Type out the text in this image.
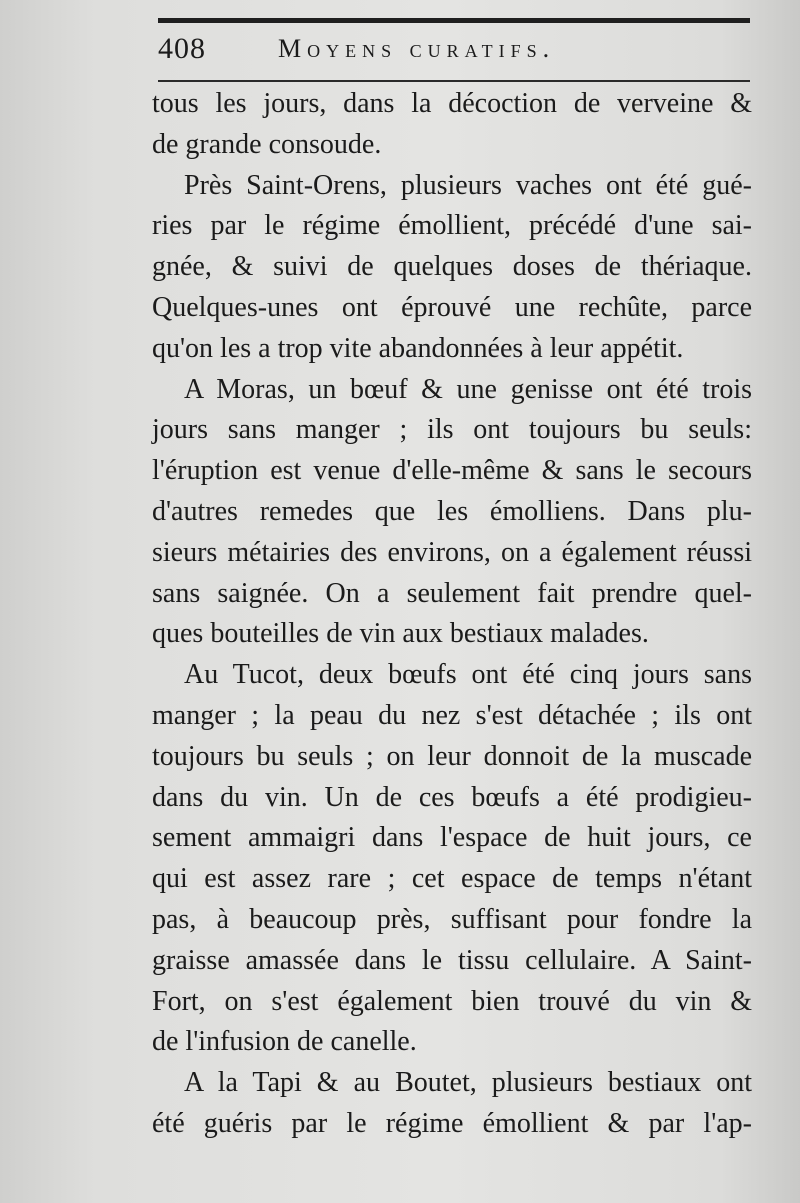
408	Moyens curatifs.
tous les jours, dans la décoction de verveine &
de grande consoude.
Près Saint-Orens, plusieurs vaches ont été gué-
ries par le régime émollient, précédé d'une sai-
gnée, & suivi de quelques doses de thériaque.
Quelques-unes ont éprouvé une rechûte, parce
qu'on les a trop vite abandonnées à leur appétit.
A Moras, un bœuf & une genisse ont été trois
jours sans manger ; ils ont toujours bu seuls:
l'éruption est venue d'elle-même & sans le secours
d'autres remedes que les émolliens. Dans plu-
sieurs métairies des environs, on a également réussi
sans saignée. On a seulement fait prendre quel-
ques bouteilles de vin aux bestiaux malades.
Au Tucot, deux bœufs ont été cinq jours sans
manger ; la peau du nez s'est détachée ; ils ont
toujours bu seuls ; on leur donnoit de la muscade
dans du vin. Un de ces bœufs a été prodigieu-
sement ammaigri dans l'espace de huit jours, ce
qui est assez rare ; cet espace de temps n'étant
pas, à beaucoup près, suffisant pour fondre la
graisse amassée dans le tissu cellulaire. A Saint-
Fort, on s'est également bien trouvé du vin &
de l'infusion de canelle.
A la Tapi & au Boutet, plusieurs bestiaux ont
été guéris par le régime émollient & par l'ap-
